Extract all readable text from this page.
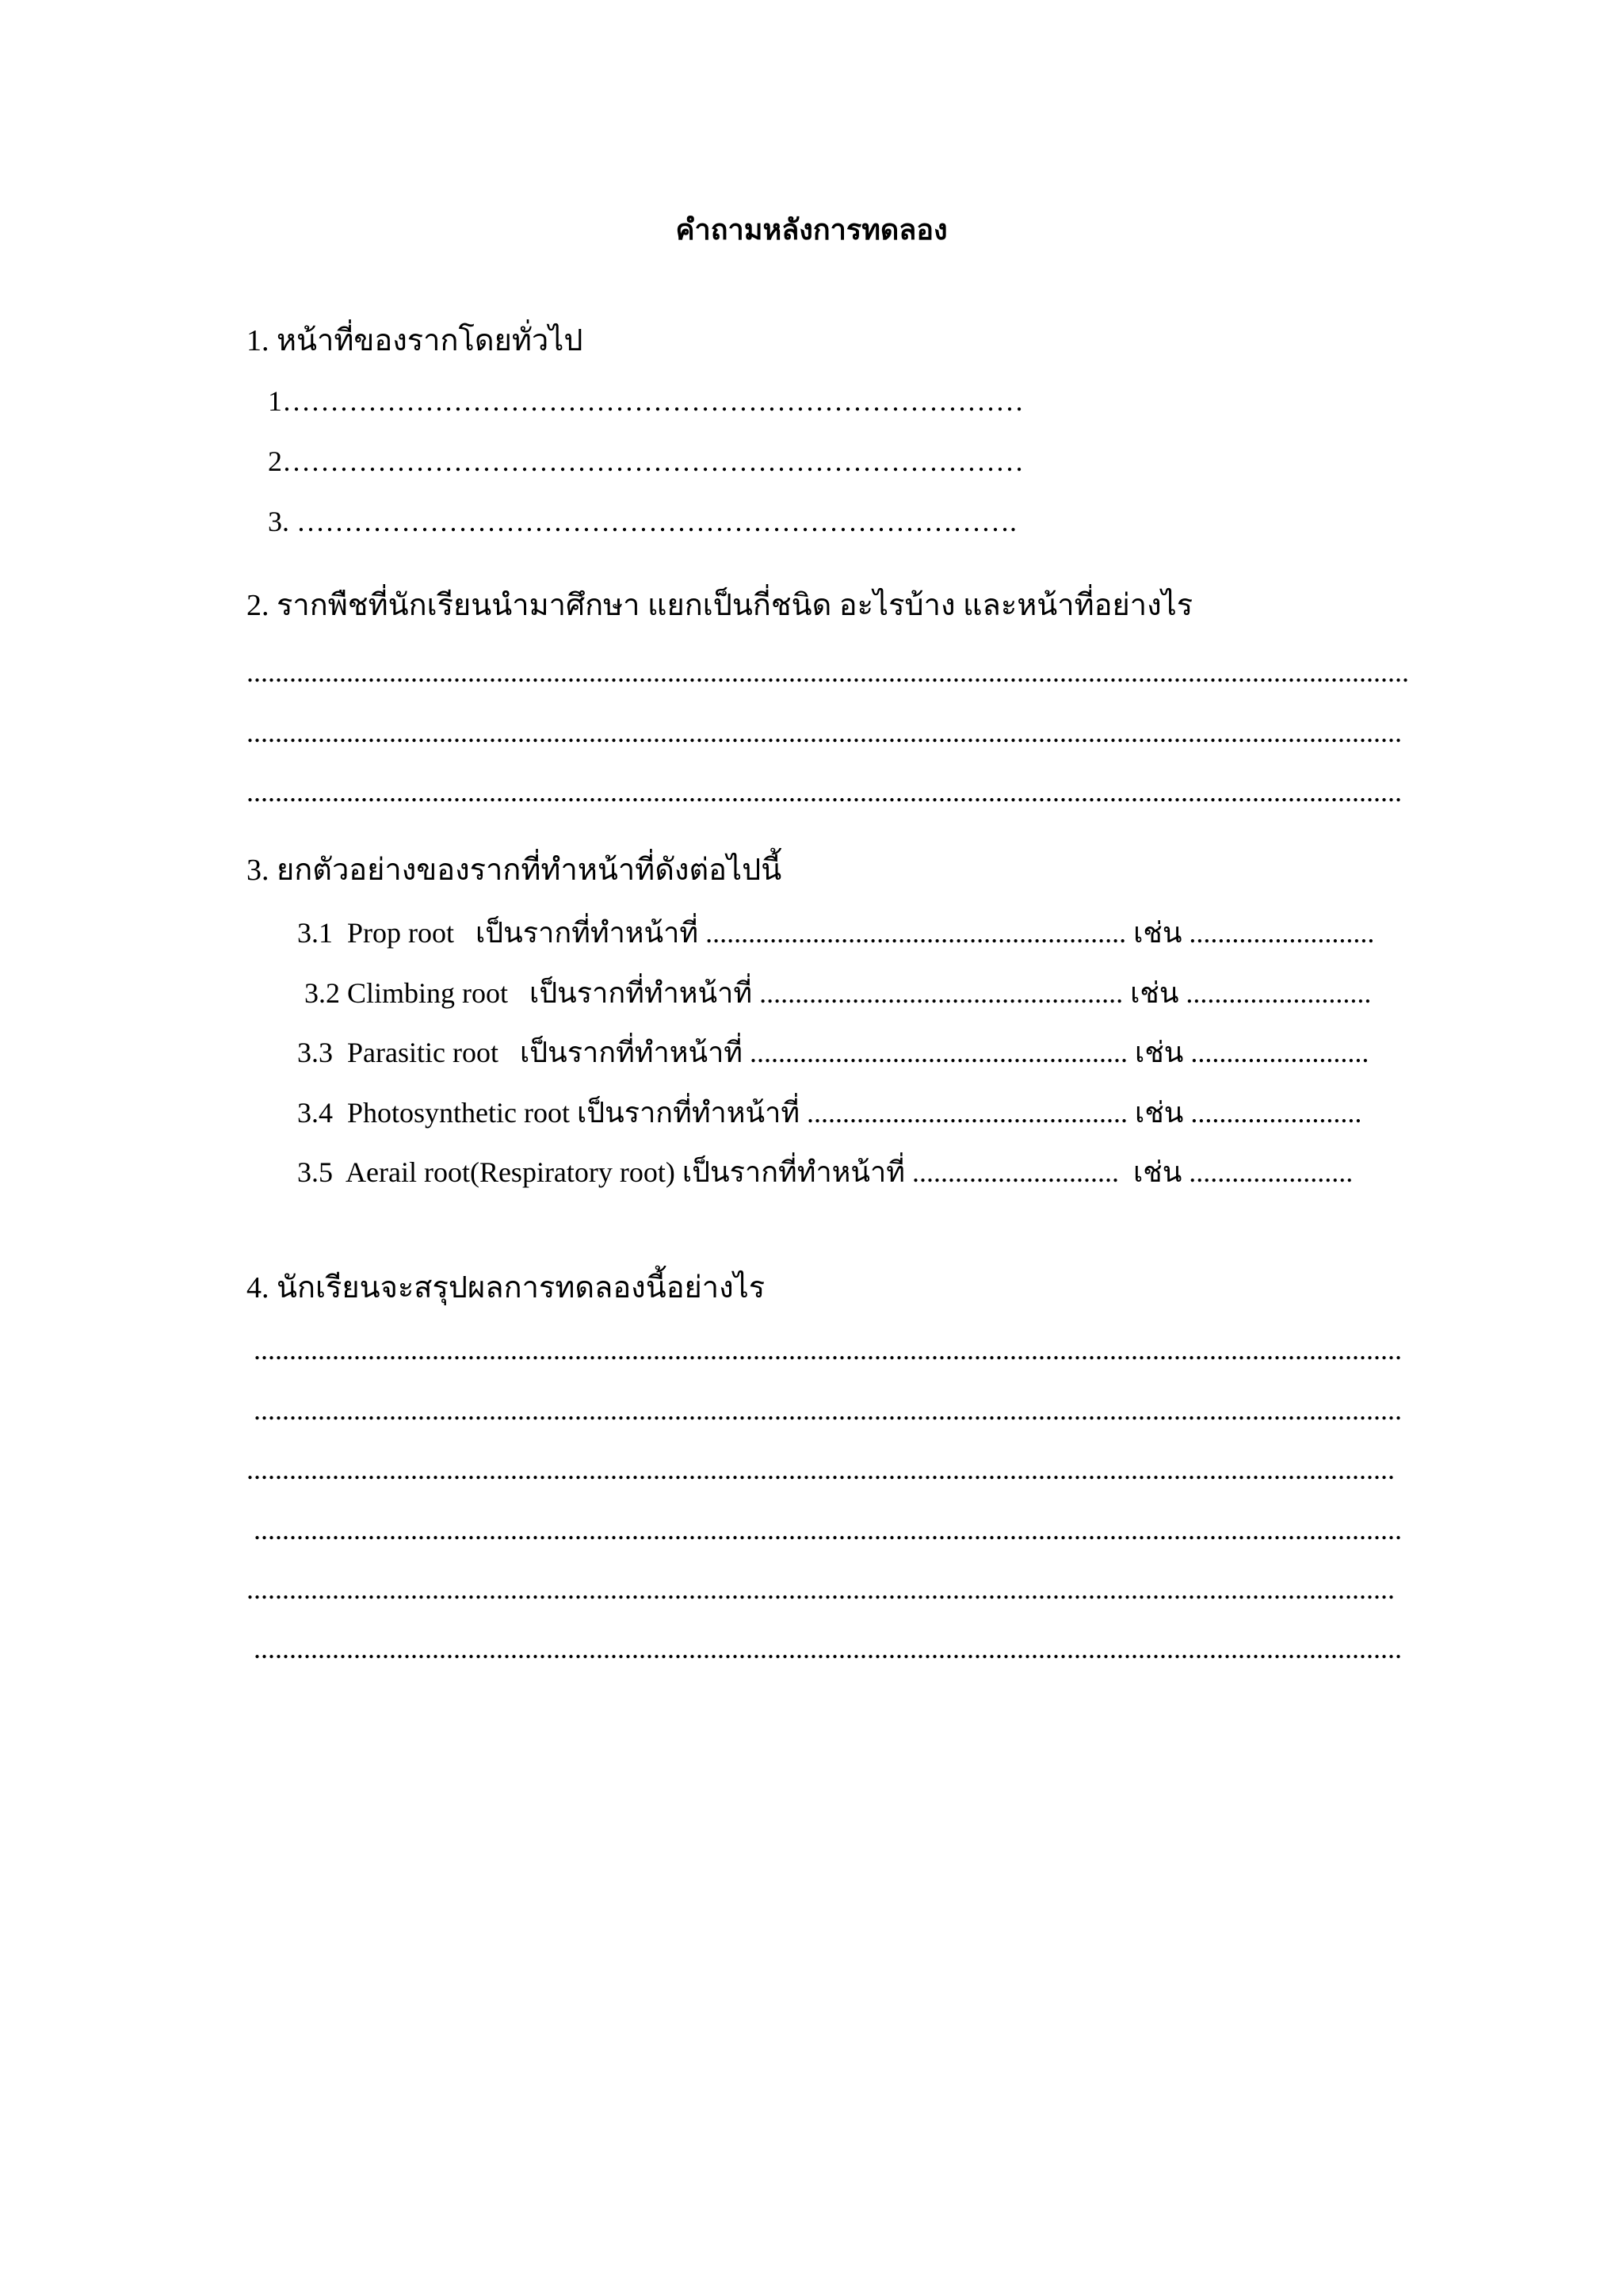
คำถามหลังการทดลอง
1. หน้าที่ของรากโดยทั่วไป
1……………………………………………………………………
2……………………………………………………………………
3. ………………………………………………………………….
2. รากพืชที่นักเรียนนำมาศึกษา แยกเป็นกี่ชนิด อะไรบ้าง และหน้าที่อย่างไร
...................................................................................................................................................................
..................................................................................................................................................................
..................................................................................................................................................................
3. ยกตัวอย่างของรากที่ทำหน้าที่ดังต่อไปนี้
3.1  Prop root   เป็นรากที่ทำหน้าที่ ........................................................... เช่น ..........................
3.2 Climbing root   เป็นรากที่ทำหน้าที่ ................................................... เช่น ..........................
3.3  Parasitic root   เป็นรากที่ทำหน้าที่ ..................................................... เช่น .........................
3.4  Photosynthetic root เป็นรากที่ทำหน้าที่ ............................................. เช่น ........................
3.5  Aerail root(Respiratory root) เป็นรากที่ทำหน้าที่ .............................  เช่น .......................
4. นักเรียนจะสรุปผลการทดลองนี้อย่างไร
.................................................................................................................................................................
.................................................................................................................................................................
.................................................................................................................................................................
.................................................................................................................................................................
.................................................................................................................................................................
.................................................................................................................................................................
